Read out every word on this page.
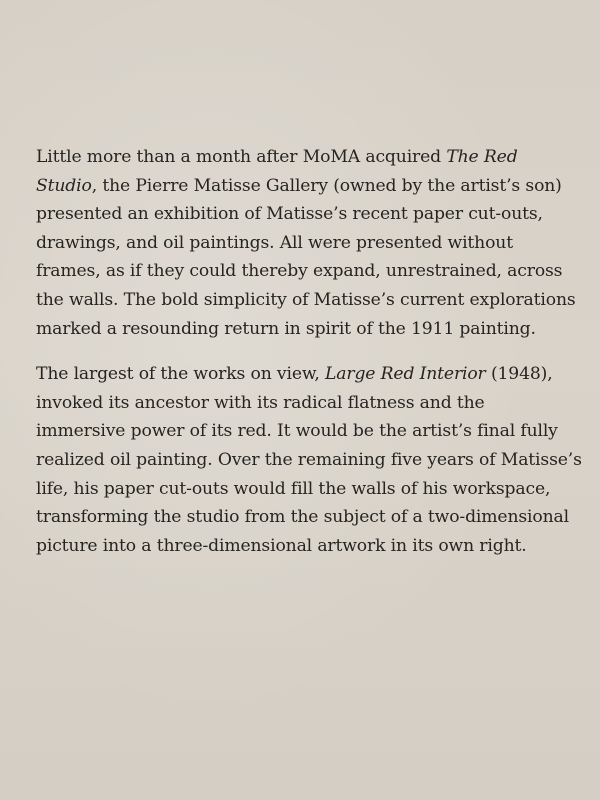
Little more than a month after MoMA acquired The Red
Studio, the Pierre Matisse Gallery (owned by the artist’s son)
presented an exhibition of Matisse’s recent paper cut-outs,
drawings, and oil paintings. All were presented without
frames, as if they could thereby expand, unrestrained, across
the walls. The bold simplicity of Matisse’s current explorations
marked a resounding return in spirit of the 1911 painting.

The largest of the works on view, Large Red Interior (1948),
invoked its ancestor with its radical flatness and the
immersive power of its red. It would be the artist’s final fully
realized oil painting. Over the remaining five years of Matisse’s
life, his paper cut-outs would fill the walls of his workspace,
transforming the studio from the subject of a two-dimensional
picture into a three-dimensional artwork in its own right.
